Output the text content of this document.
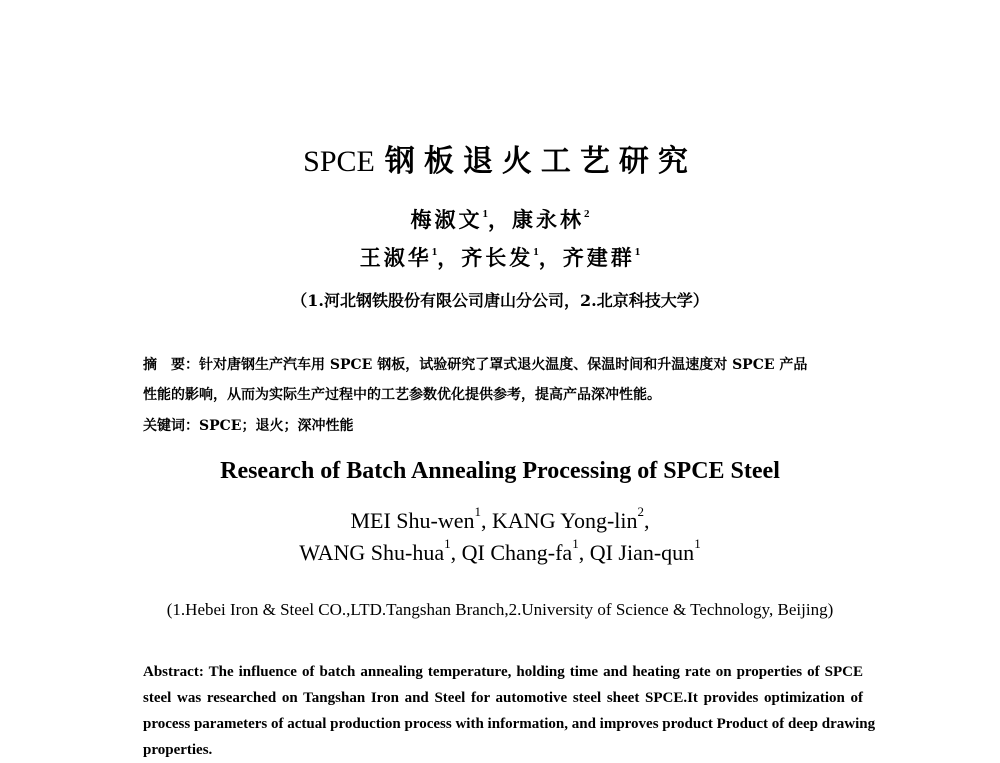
SPCE 钢板退火工艺研究
梅淑文$^1$，康永林$^2$
王淑华$^1$，齐长发$^1$，齐建群$^1$
（1.河北钢铁股份有限公司唐山分公司，2.北京科技大学）
摘　要：针对唐钢生产汽车用 SPCE 钢板，试验研究了罩式退火温度、保温时间和升温速度对 SPCE 产品
性能的影响，从而为实际生产过程中的工艺参数优化提供参考，提高产品深冲性能。
关键词：SPCE；退火；深冲性能
Research of Batch Annealing Processing of SPCE Steel
MEI Shu-wen$^1$, KANG Yong-lin$^2$,
WANG Shu-hua$^1$, QI Chang-$fa^1$, QI Jian-qun$^1$
(1.Hebei Iron & Steel CO.,LTD.Tangshan Branch,2.University of Science & Technology, Beijing)
Abstract: The influence of batch annealing temperature, holding time and heating rate on properties of SPCE
steel was researched on Tangshan Iron and Steel for automotive steel sheet SPCE.It provides optimization of
process parameters of actual production process with information, and improves product Product of deep drawing
properties.
